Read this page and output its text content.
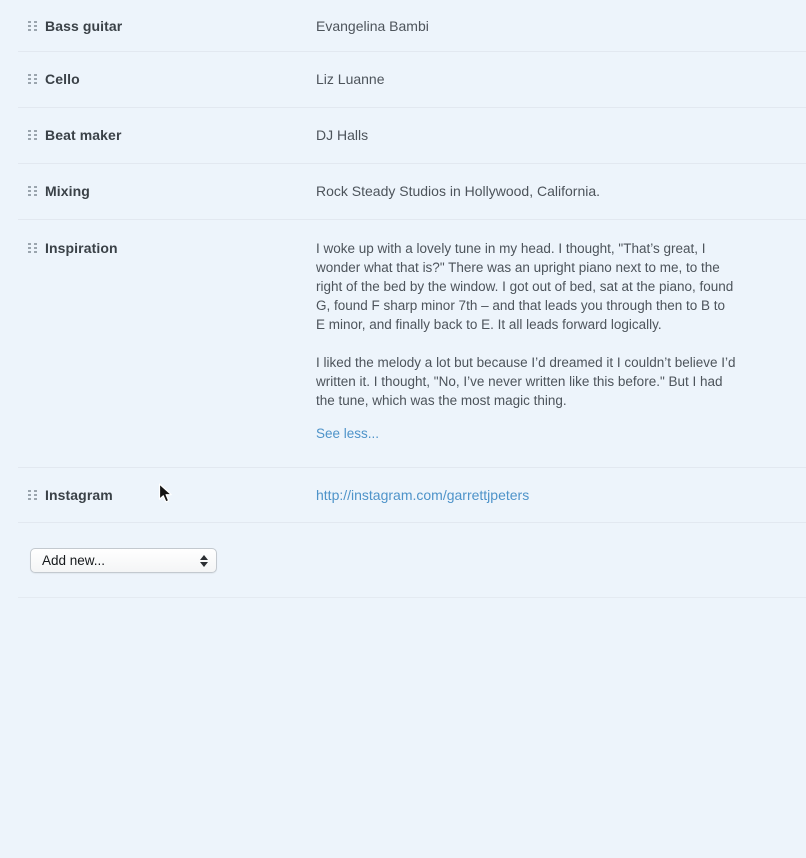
Bass guitar	Evangelina Bambi
Cello	Liz Luanne
Beat maker	DJ Halls
Mixing	Rock Steady Studios in Hollywood, California.
Inspiration	I woke up with a lovely tune in my head. I thought, "That’s great, I wonder what that is?" There was an upright piano next to me, to the right of the bed by the window. I got out of bed, sat at the piano, found G, found F sharp minor 7th – and that leads you through then to B to E minor, and finally back to E. It all leads forward logically.

I liked the melody a lot but because I’d dreamed it I couldn’t believe I’d written it. I thought, "No, I’ve never written like this before." But I had the tune, which was the most magic thing.

See less...
Instagram	http://instagram.com/garrettjpeters
Add new...
